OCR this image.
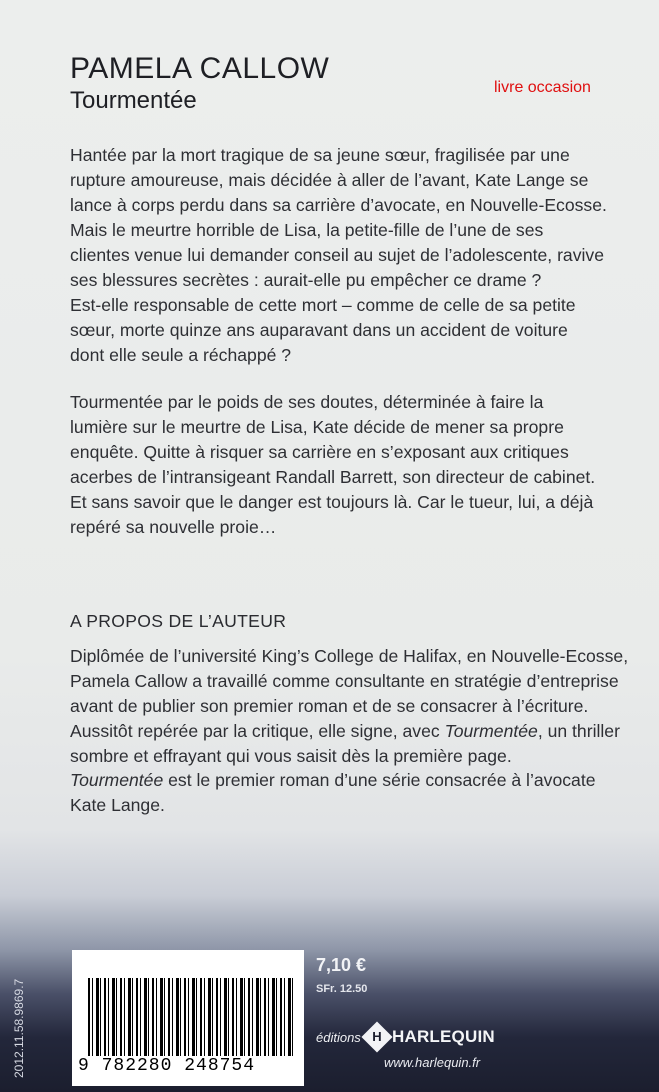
PAMELA CALLOW
Tourmentée	livre occasion

Hantée par la mort tragique de sa jeune sœur, fragilisée par une

rupture amoureuse, mais décidée à aller de l’avant, Kate Lange se

lance à corps perdu dans sa carrière d’avocate, en Nouvelle-Ecosse.

Mais le meurtre horrible de Lisa, la petite-fille de l’une de ses

clientes venue lui demander conseil au sujet de l’adolescente, ravive

ses blessures secrètes : aurait-elle pu empêcher ce drame ?

Est-elle responsable de cette mort – comme de celle de sa petite

sœur, morte quinze ans auparavant dans un accident de voiture

dont elle seule a réchappé ?

Tourmentée par le poids de ses doutes, déterminée à faire la

lumière sur le meurtre de Lisa, Kate décide de mener sa propre

enquête. Quitte à risquer sa carrière en s’exposant aux critiques

acerbes de l’intransigeant Randall Barrett, son directeur de cabinet.

Et sans savoir que le danger est toujours là. Car le tueur, lui, a déjà

repéré sa nouvelle proie…

A PROPOS DE L’AUTEUR

Diplômée de l’université King’s College de Halifax, en Nouvelle-Ecosse,

Pamela Callow a travaillé comme consultante en stratégie d’entreprise

avant de publier son premier roman et de se consacrer à l’écriture.

Aussitôt repérée par la critique, elle signe, avec Tourmentée, un thriller

sombre et effrayant qui vous saisit dès la première page.

Tourmentée est le premier roman d’une série consacrée à l’avocate

Kate Lange.

2012.11.58.9869.7	9 782280 248754
7,10 €
SFr. 12.50
éditions H HARLEQUIN
www.harlequin.fr
